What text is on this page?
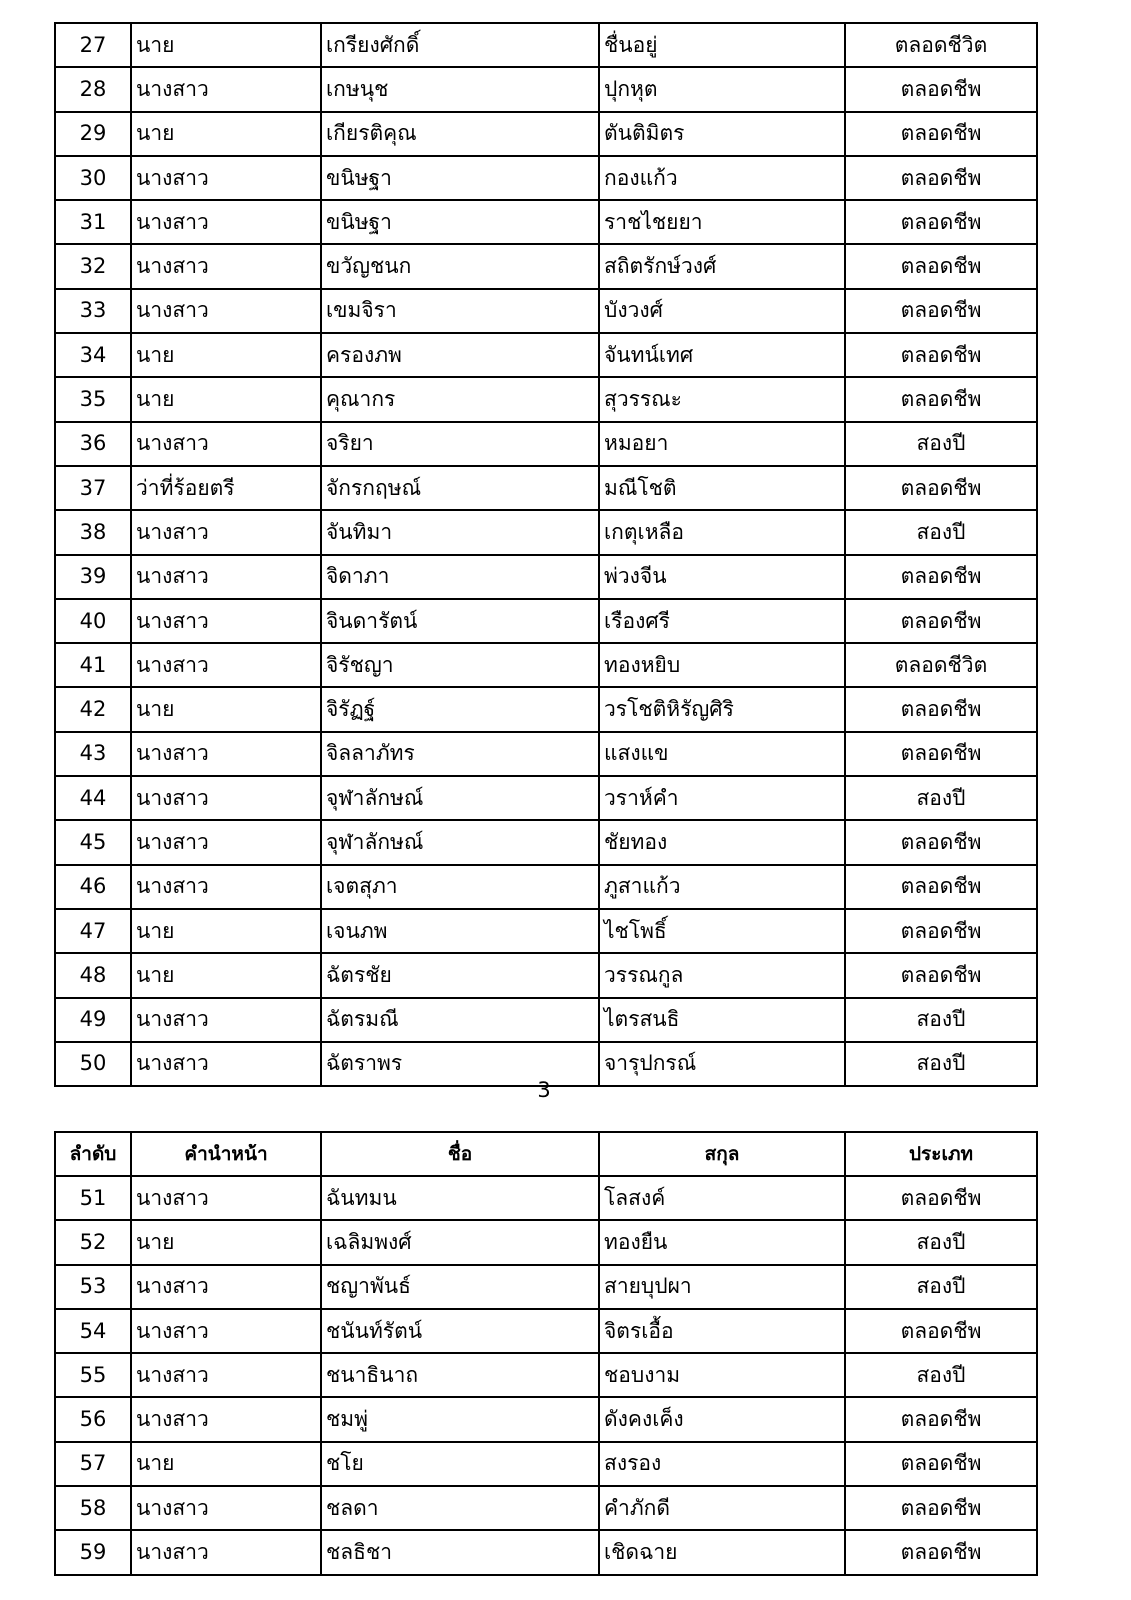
27	นาย	เกรียงศักดิ์	ชื่นอยู่	ตลอดชีวิต
28	นางสาว	เกษนุช	ปุกหุต	ตลอดชีพ
29	นาย	เกียรติคุณ	ตันติมิตร	ตลอดชีพ
30	นางสาว	ขนิษฐา	กองแก้ว	ตลอดชีพ
31	นางสาว	ขนิษฐา	ราชไชยยา	ตลอดชีพ
32	นางสาว	ขวัญชนก	สถิตรักษ์วงศ์	ตลอดชีพ
33	นางสาว	เขมจิรา	บังวงศ์	ตลอดชีพ
34	นาย	ครองภพ	จันทน์เทศ	ตลอดชีพ
35	นาย	คุณากร	สุวรรณะ	ตลอดชีพ
36	นางสาว	จริยา	หมอยา	สองปี
37	ว่าที่ร้อยตรี	จักรกฤษณ์	มณีโชติ	ตลอดชีพ
38	นางสาว	จันทิมา	เกตุเหลือ	สองปี
39	นางสาว	จิดาภา	พ่วงจีน	ตลอดชีพ
40	นางสาว	จินดารัตน์	เรืองศรี	ตลอดชีพ
41	นางสาว	จิรัชญา	ทองหยิบ	ตลอดชีวิต
42	นาย	จิรัฏฐ์	วรโชติหิรัญศิริ	ตลอดชีพ
43	นางสาว	จิลลาภัทร	แสงแข	ตลอดชีพ
44	นางสาว	จุฬาลักษณ์	วราห์คำ	สองปี
45	นางสาว	จุฬาลักษณ์	ชัยทอง	ตลอดชีพ
46	นางสาว	เจตสุภา	ภูสาแก้ว	ตลอดชีพ
47	นาย	เจนภพ	ไชโพธิ์	ตลอดชีพ
48	นาย	ฉัตรชัย	วรรณกูล	ตลอดชีพ
49	นางสาว	ฉัตรมณี	ไตรสนธิ	สองปี
50	นางสาว	ฉัตราพร	จารุปกรณ์	สองปี
3
ลำดับ	คำนำหน้า	ชื่อ	สกุล	ประเภท
51	นางสาว	ฉันทมน	โลสงค์	ตลอดชีพ
52	นาย	เฉลิมพงศ์	ทองยืน	สองปี
53	นางสาว	ชญาพันธ์	สายบุปผา	สองปี
54	นางสาว	ชนันท์รัตน์	จิตรเอื้อ	ตลอดชีพ
55	นางสาว	ชนาธินาถ	ชอบงาม	สองปี
56	นางสาว	ชมพู่	ดังคงเค็ง	ตลอดชีพ
57	นาย	ชโย	สงรอง	ตลอดชีพ
58	นางสาว	ชลดา	คำภักดี	ตลอดชีพ
59	นางสาว	ชลธิชา	เชิดฉาย	ตลอดชีพ
